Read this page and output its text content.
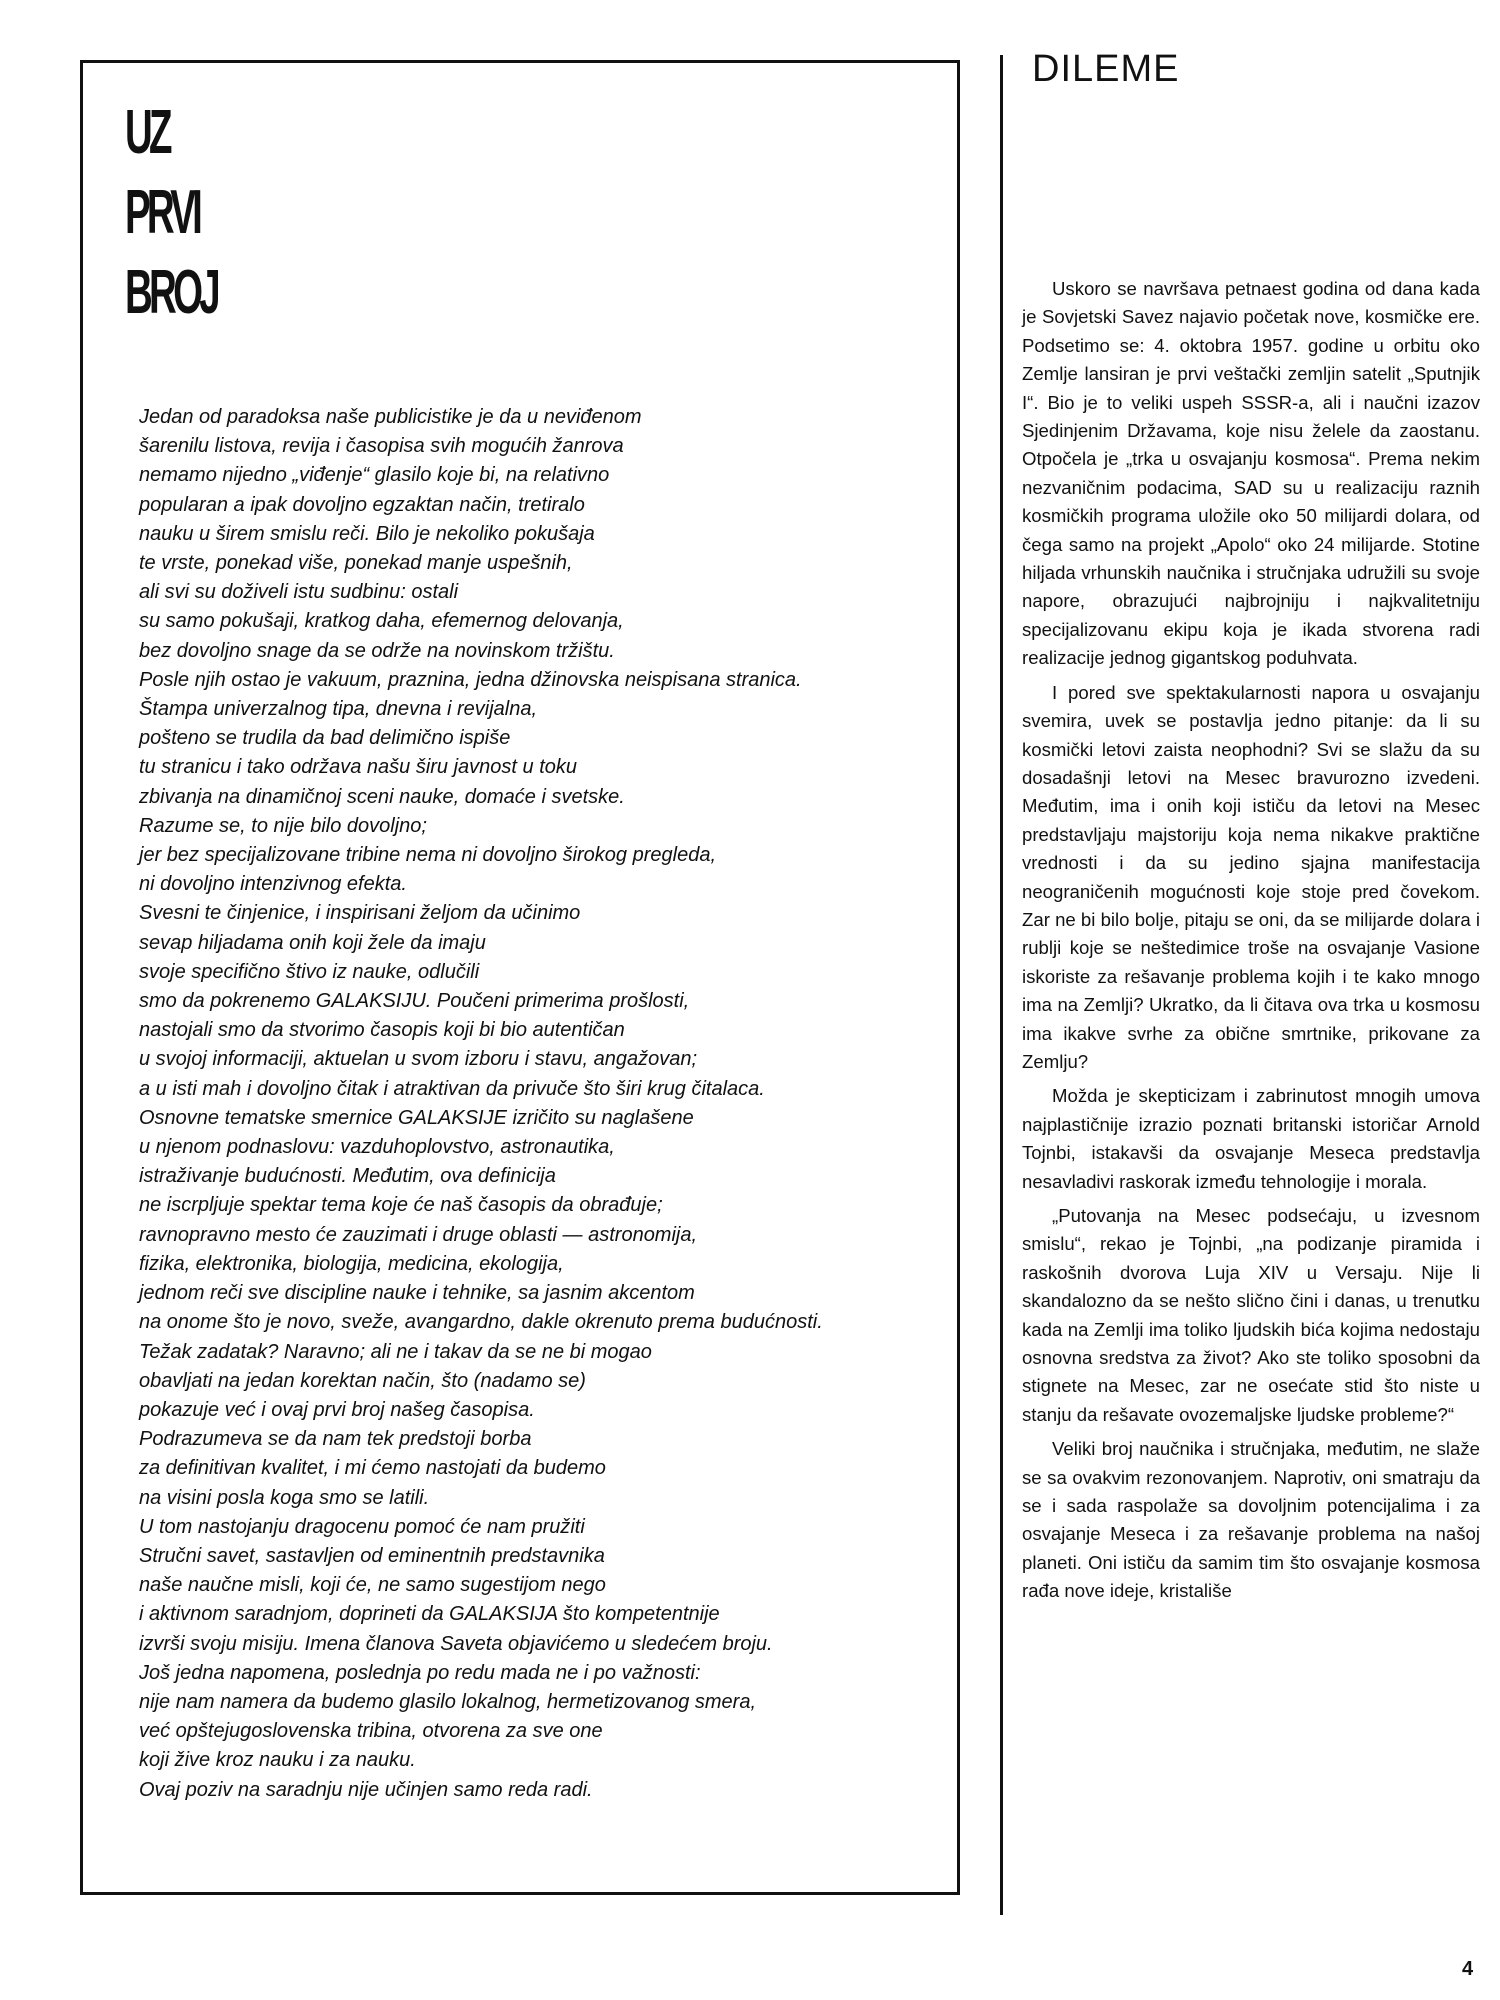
UZ
PRVI
BROJ
Jedan od paradoksa naše publicistike je da u neviđenom
šarenilu listova, revija i časopisa svih mogućih žanrova
nemamo nijedno „viđenje“ glasilo koje bi, na relativno
popularan a ipak dovoljno egzaktan način, tretiralo
nauku u širem smislu reči. Bilo je nekoliko pokušaja
te vrste, ponekad više, ponekad manje uspešnih,
ali svi su doživeli istu sudbinu: ostali
su samo pokušaji, kratkog daha, efemernog delovanja,
bez dovoljno snage da se održe na novinskom tržištu.
Posle njih ostao je vakuum, praznina, jedna džinovska neispisana stranica.
Štampa univerzalnog tipa, dnevna i revijalna,
pošteno se trudila da bad delimično ispiše
tu stranicu i tako održava našu širu javnost u toku
zbivanja na dinamičnoj sceni nauke, domaće i svetske.
Razume se, to nije bilo dovoljno;
jer bez specijalizovane tribine nema ni dovoljno širokog pregleda,
ni dovoljno intenzivnog efekta.
Svesni te činjenice, i inspirisani željom da učinimo
sevap hiljadama onih koji žele da imaju
svoje specifično štivo iz nauke, odlučili
smo da pokrenemo GALAKSIJU. Poučeni primerima prošlosti,
nastojali smo da stvorimo časopis koji bi bio autentičan
u svojoj informaciji, aktuelan u svom izboru i stavu, angažovan;
a u isti mah i dovoljno čitak i atraktivan da privuče što širi krug čitalaca.
Osnovne tematske smernice GALAKSIJE izričito su naglašene
u njenom podnaslovu: vazduhoplovstvo, astronautika,
istraživanje budućnosti. Međutim, ova definicija
ne iscrpljuje spektar tema koje će naš časopis da obrađuje;
ravnopravno mesto će zauzimati i druge oblasti — astronomija,
fizika, elektronika, biologija, medicina, ekologija,
jednom reči sve discipline nauke i tehnike, sa jasnim akcentom
na onome što je novo, sveže, avangardno, dakle okrenuto prema budućnosti.
Težak zadatak? Naravno; ali ne i takav da se ne bi mogao
obavljati na jedan korektan način, što (nadamo se)
pokazuje već i ovaj prvi broj našeg časopisa.
Podrazumeva se da nam tek predstoji borba
za definitivan kvalitet, i mi ćemo nastojati da budemo
na visini posla koga smo se latili.
U tom nastojanju dragocenu pomoć će nam pružiti
Stručni savet, sastavljen od eminentnih predstavnika
naše naučne misli, koji će, ne samo sugestijom nego
i aktivnom saradnjom, doprineti da GALAKSIJA što kompetentnije
izvrši svoju misiju. Imena članova Saveta objavićemo u sledećem broju.
Još jedna napomena, poslednja po redu mada ne i po važnosti:
nije nam namera da budemo glasilo lokalnog, hermetizovanog smera,
već opštejugoslovenska tribina, otvorena za sve one
koji žive kroz nauku i za nauku.
Ovaj poziv na saradnju nije učinjen samo reda radi.
DILEME

Uskoro se navršava petnaest godina od dana kada je Sovjetski Savez najavio početak nove, kosmičke ere. Podsetimo se: 4. oktobra 1957. godine u orbitu oko Zemlje lansiran je prvi veštački zemljin satelit „Sputnjik I“. Bio je to veliki uspeh SSSR-a, ali i naučni izazov Sjedinjenim Državama, koje nisu želele da zaostanu. Otpočela je „trka u osvajanju kosmosa“. Prema nekim nezvaničnim podacima, SAD su u realizaciju raznih kosmičkih programa uložile oko 50 milijardi dolara, od čega samo na projekt „Apolo“ oko 24 milijarde. Stotine hiljada vrhunskih naučnika i stručnjaka udružili su svoje napore, obrazujući najbrojniju i najkvalitetniju specijalizovanu ekipu koja je ikada stvorena radi realizacije jednog gigantskog poduhvata.

I pored sve spektakularnosti napora u osvajanju svemira, uvek se postavlja jedno pitanje: da li su kosmički letovi zaista neophodni? Svi se slažu da su dosadašnji letovi na Mesec bravurozno izvedeni. Međutim, ima i onih koji ističu da letovi na Mesec predstavljaju majstoriju koja nema nikakve praktične vrednosti i da su jedino sjajna manifestacija neograničenih mogućnosti koje stoje pred čovekom. Zar ne bi bilo bolje, pitaju se oni, da se milijarde dolara i rublji koje se neštedimice troše na osvajanje Vasione iskoriste za rešavanje problema kojih i te kako mnogo ima na Zemlji? Ukratko, da li čitava ova trka u kosmosu ima ikakve svrhe za obične smrtnike, prikovane za Zemlju?

Možda je skepticizam i zabrinutost mnogih umova najplastičnije izrazio poznati britanski istoričar Arnold Tojnbi, istakavši da osvajanje Meseca predstavlja nesavladivi raskorak između tehnologije i morala.

„Putovanja na Mesec podsećaju, u izvesnom smislu“, rekao je Tojnbi, „na podizanje piramida i raskošnih dvorova Luja XIV u Versaju. Nije li skandalozno da se nešto slično čini i danas, u trenutku kada na Zemlji ima toliko ljudskih bića kojima nedostaju osnovna sredstva za život? Ako ste toliko sposobni da stignete na Mesec, zar ne osećate stid što niste u stanju da rešavate ovozemaljske ljudske probleme?“

Veliki broj naučnika i stručnjaka, međutim, ne slaže se sa ovakvim rezonovanjem. Naprotiv, oni smatraju da se i sada raspolaže sa dovoljnim potencijalima i za osvajanje Meseca i za rešavanje problema na našoj planeti. Oni ističu da samim tim što osvajanje kosmosa rađa nove ideje, kristališe

4
